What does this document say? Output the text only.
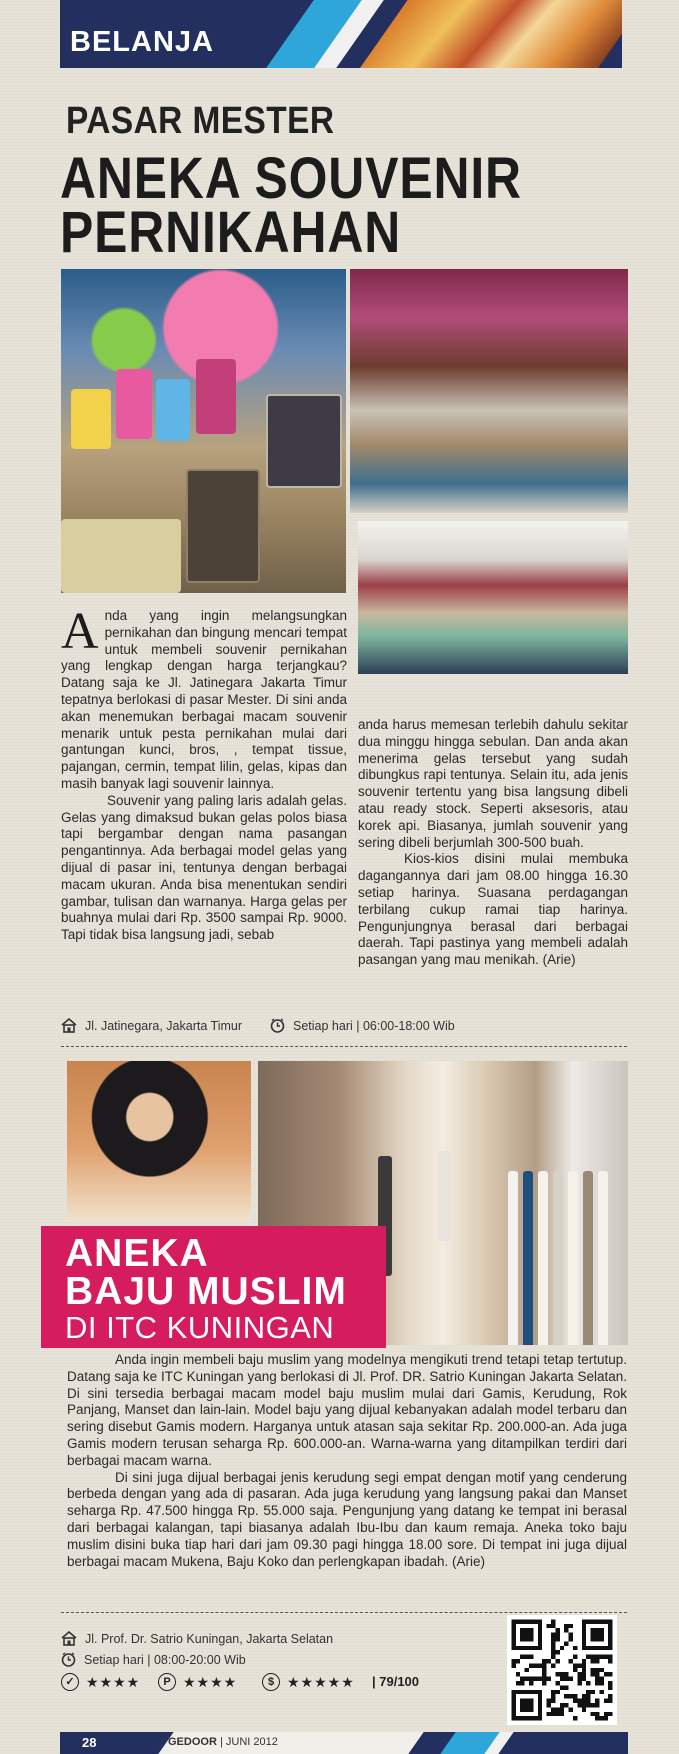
BELANJA
PASAR MESTER
ANEKA SOUVENIR
PERNIKAHAN

Anda yang ingin melangsungkan pernikahan dan bingung mencari tempat untuk membeli souvenir pernikahan yang lengkap dengan harga terjangkau? Datang saja ke Jl. Jatinegara Jakarta Timur tepatnya berlokasi di pasar Mester. Di sini anda akan menemukan berbagai macam souvenir menarik untuk pesta pernikahan mulai dari gantungan kunci, bros, , tempat tissue, pajangan, cermin, tempat lilin, gelas, kipas dan masih banyak lagi souvenir lainnya.

Souvenir yang paling laris adalah gelas. Gelas yang dimaksud bukan gelas polos biasa tapi bergambar dengan nama pasangan pengantinnya. Ada berbagai model gelas yang dijual di pasar ini, tentunya dengan berbagai macam ukuran. Anda bisa menentukan sendiri gambar, tulisan dan warnanya. Harga gelas per buahnya mulai dari Rp. 3500 sampai Rp. 9000. Tapi tidak bisa langsung jadi, sebab

anda harus memesan terlebih dahulu sekitar dua minggu hingga sebulan. Dan anda akan menerima gelas tersebut yang sudah dibungkus rapi tentunya. Selain itu, ada jenis souvenir tertentu yang bisa langsung dibeli atau ready stock. Seperti aksesoris, atau korek api. Biasanya, jumlah souvenir yang sering dibeli berjumlah 300-500 buah.

Kios-kios disini mulai membuka dagangannya dari jam 08.00 hingga 16.30 setiap harinya. Suasana perdagangan terbilang cukup ramai tiap harinya. Pengunjungnya berasal dari berbagai daerah. Tapi pastinya yang membeli adalah pasangan yang mau menikah. (Arie)

Jl. Jatinegara, Jakarta Timur	Setiap hari | 06:00-18:00 Wib
ANEKA
BAJU MUSLIM
DI ITC KUNINGAN

Anda ingin membeli baju muslim yang modelnya mengikuti trend tetapi tetap tertutup. Datang saja ke ITC Kuningan yang berlokasi di Jl. Prof. DR. Satrio Kuningan Jakarta Selatan. Di sini tersedia berbagai macam model baju muslim mulai dari Gamis, Kerudung, Rok Panjang, Manset dan lain-lain. Model baju yang dijual kebanyakan adalah model terbaru dan sering disebut Gamis modern. Harganya untuk atasan saja sekitar Rp. 200.000-an. Ada juga Gamis modern terusan seharga Rp. 600.000-an. Warna-warna yang ditampilkan terdiri dari berbagai macam warna.

Di sini juga dijual berbagai jenis kerudung segi empat dengan motif yang cenderung berbeda dengan yang ada di pasaran. Ada juga kerudung yang langsung pakai dan Manset seharga Rp. 47.500 hingga Rp. 55.000 saja. Pengunjung yang datang ke tempat ini berasal dari berbagai kalangan, tapi biasanya adalah Ibu-Ibu dan kaum remaja. Aneka toko baju muslim disini buka tiap hari dari jam 09.30 pagi hingga 18.00 sore. Di tempat ini juga dijual berbagai macam Mukena, Baju Koko dan perlengkapan ibadah. (Arie)

Jl. Prof. Dr. Satrio Kuningan, Jakarta Selatan
Setiap hari | 08:00-20:00 Wib
✓ ★★★★	P ★★★★	$ ★★★★★ | 79/100
28	GEDOOR | JUNI 2012
